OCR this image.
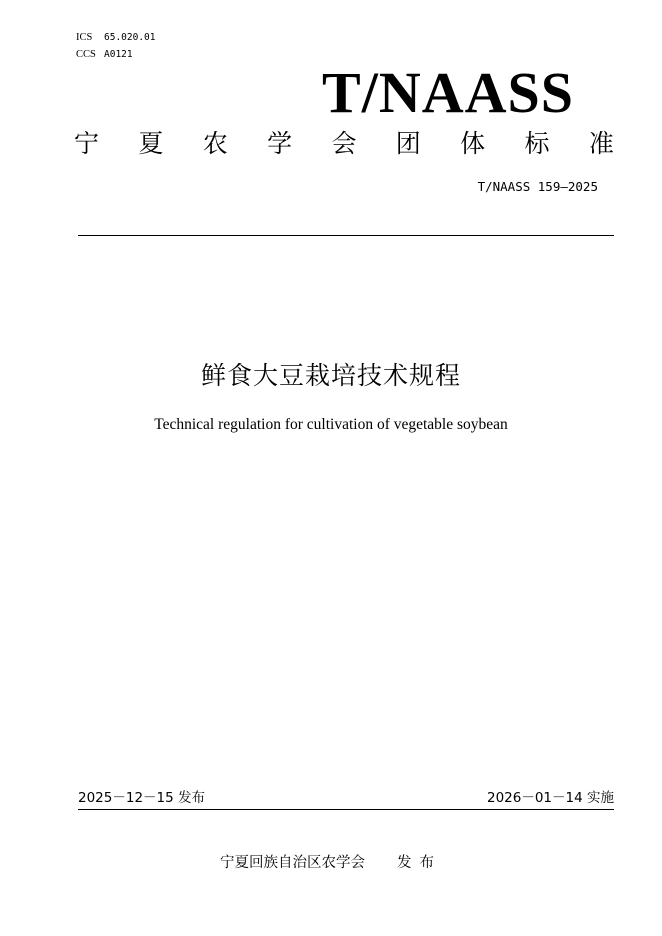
ICS 65.020.01
CCS A0121
T/NAASS
宁 夏 农 学 会 团 体 标 准
T/NAASS 159—2025
鲜食大豆栽培技术规程
Technical regulation for cultivation of vegetable soybean
2025－12－15 发布	2026－01－14 实施
宁夏回族自治区农学会 发布
